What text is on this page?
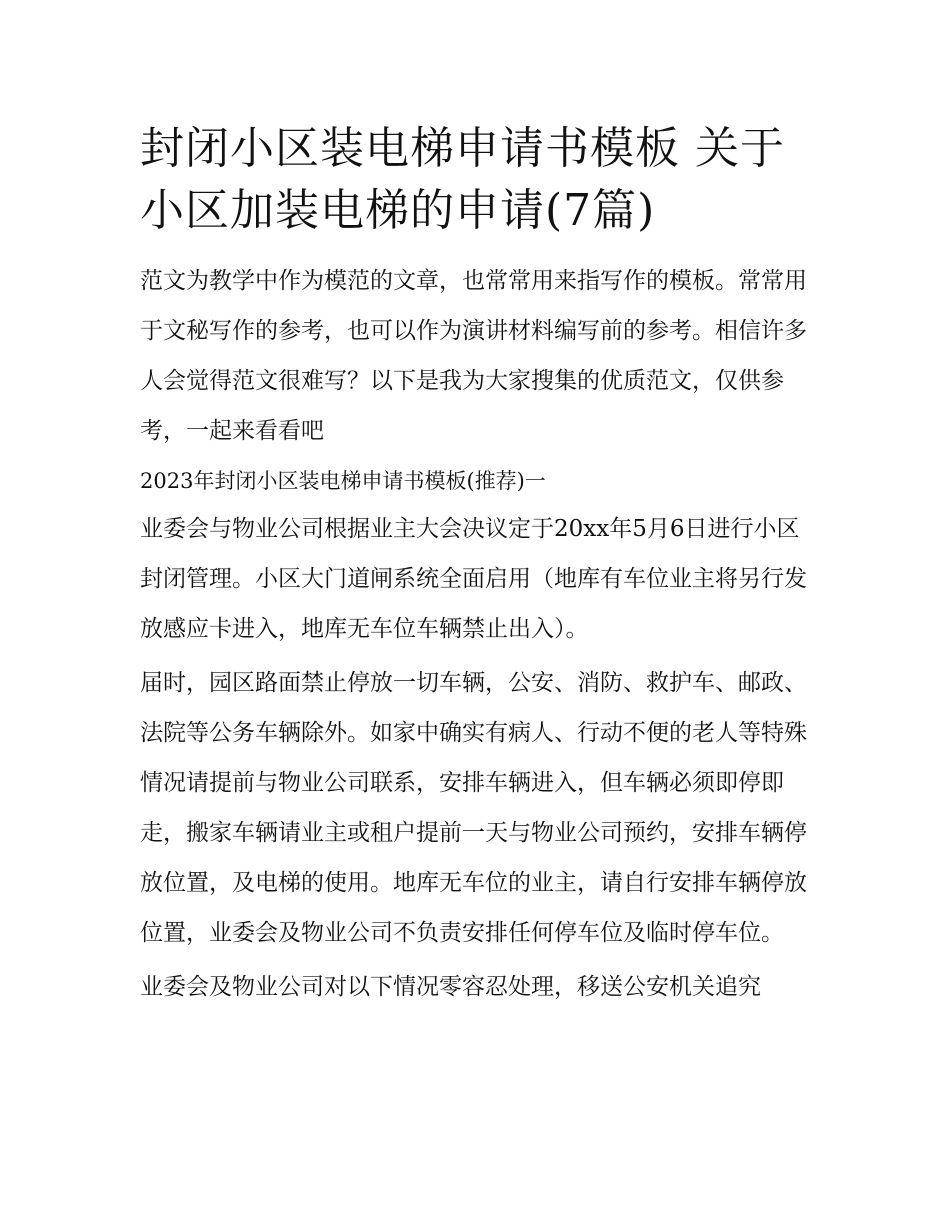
封闭小区装电梯申请书模板 关于小区加装电梯的申请(7篇)

范文为教学中作为模范的文章，也常常用来指写作的模板。常常用于文秘写作的参考，也可以作为演讲材料编写前的参考。相信许多人会觉得范文很难写？以下是我为大家搜集的优质范文，仅供参考，一起来看看吧

2023年封闭小区装电梯申请书模板(推荐)一

业委会与物业公司根据业主大会决议定于20xx年5月6日进行小区封闭管理。小区大门道闸系统全面启用（地库有车位业主将另行发放感应卡进入，地库无车位车辆禁止出入）。

届时，园区路面禁止停放一切车辆，公安、消防、救护车、邮政、法院等公务车辆除外。如家中确实有病人、行动不便的老人等特殊情况请提前与物业公司联系，安排车辆进入，但车辆必须即停即走，搬家车辆请业主或租户提前一天与物业公司预约，安排车辆停放位置，及电梯的使用。地库无车位的业主，请自行安排车辆停放位置，业委会及物业公司不负责安排任何停车位及临时停车位。

业委会及物业公司对以下情况零容忍处理，移送公安机关追究
